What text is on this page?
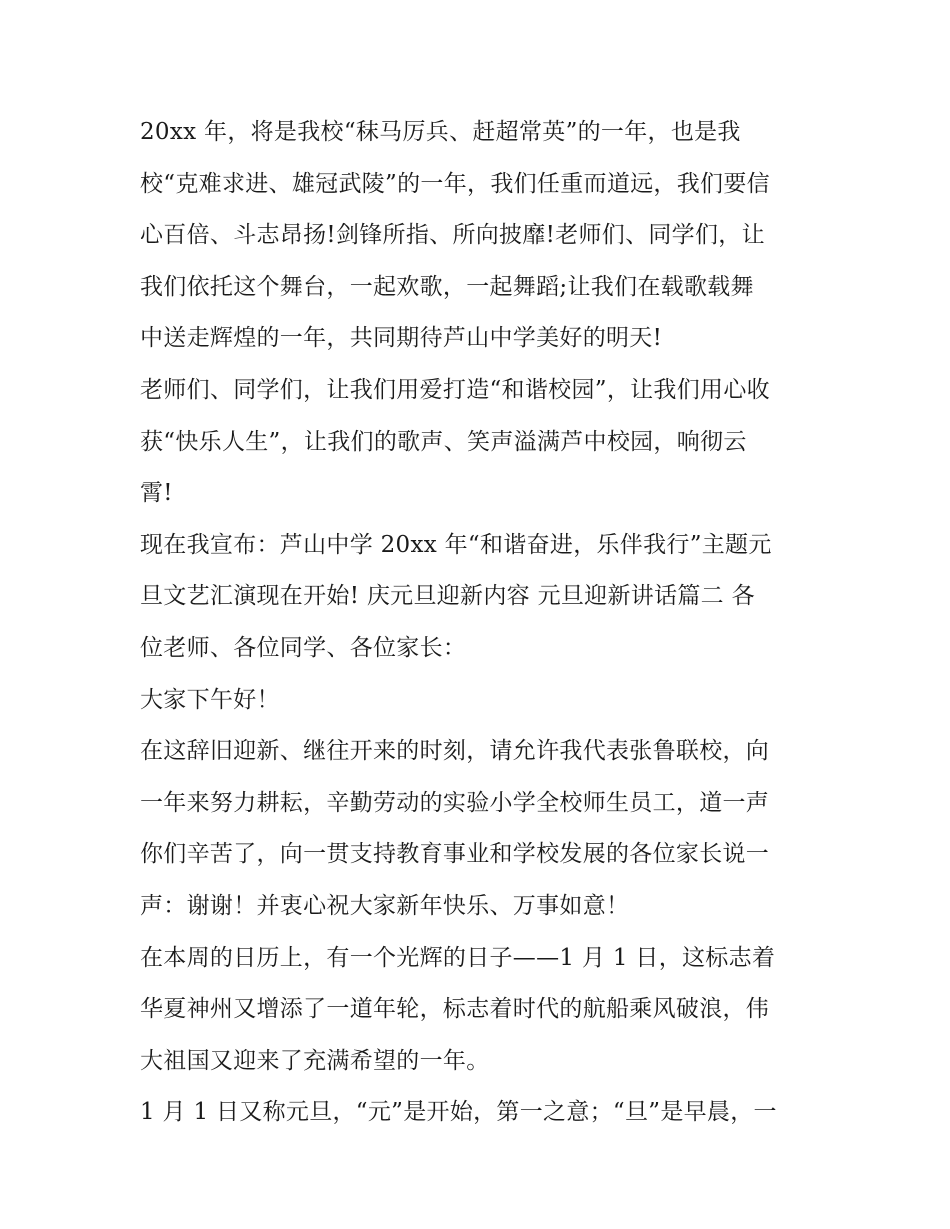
20xx 年，将是我校“秣马厉兵、赶超常英”的一年，也是我
校“克难求进、雄冠武陵”的一年，我们任重而道远，我们要信
心百倍、斗志昂扬!剑锋所指、所向披靡!老师们、同学们，让
我们依托这个舞台，一起欢歌，一起舞蹈;让我们在载歌载舞
中送走辉煌的一年，共同期待芦山中学美好的明天!
老师们、同学们，让我们用爱打造“和谐校园”，让我们用心收
获“快乐人生”，让我们的歌声、笑声溢满芦中校园，响彻云
霄!
现在我宣布：芦山中学 20xx 年“和谐奋进，乐伴我行”主题元
旦文艺汇演现在开始! 庆元旦迎新内容 元旦迎新讲话篇二 各
位老师、各位同学、各位家长：
大家下午好！
在这辞旧迎新、继往开来的时刻，请允许我代表张鲁联校，向
一年来努力耕耘，辛勤劳动的实验小学全校师生员工，道一声
你们辛苦了，向一贯支持教育事业和学校发展的各位家长说一
声：谢谢！并衷心祝大家新年快乐、万事如意！
在本周的日历上，有一个光辉的日子——1 月 1 日，这标志着
华夏神州又增添了一道年轮，标志着时代的航船乘风破浪，伟
大祖国又迎来了充满希望的一年。
1 月 1 日又称元旦，“元”是开始，第一之意；“旦”是早晨，一
